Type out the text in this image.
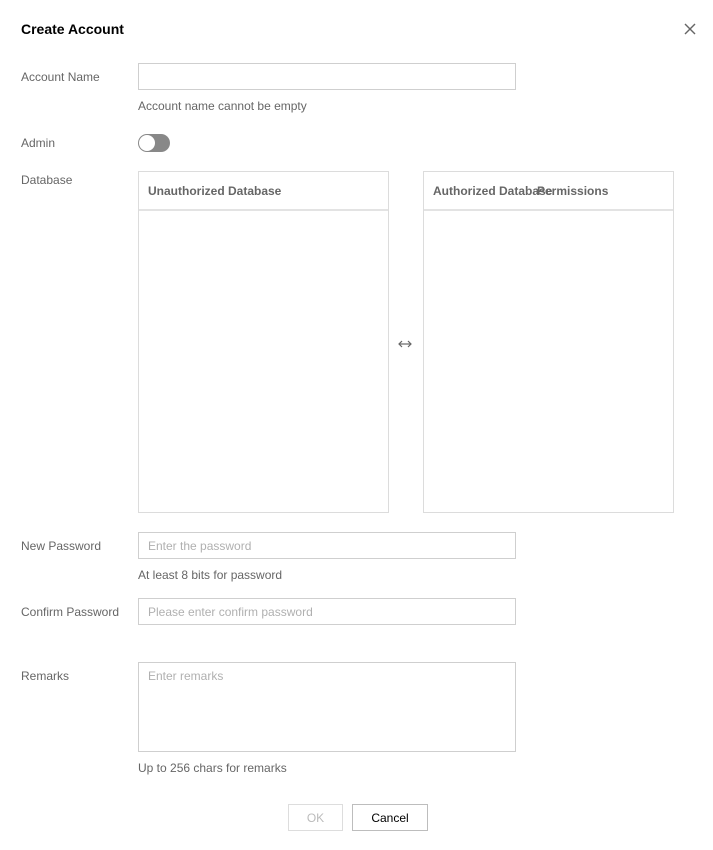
Create Account
Account Name
Account name cannot be empty
Admin
Database
Unauthorized Database	Authorized Database
Permissions
New Password
At least 8 bits for password
Confirm Password
Remarks
Enter remarks
Up to 256 chars for remarks
OK	Cancel
